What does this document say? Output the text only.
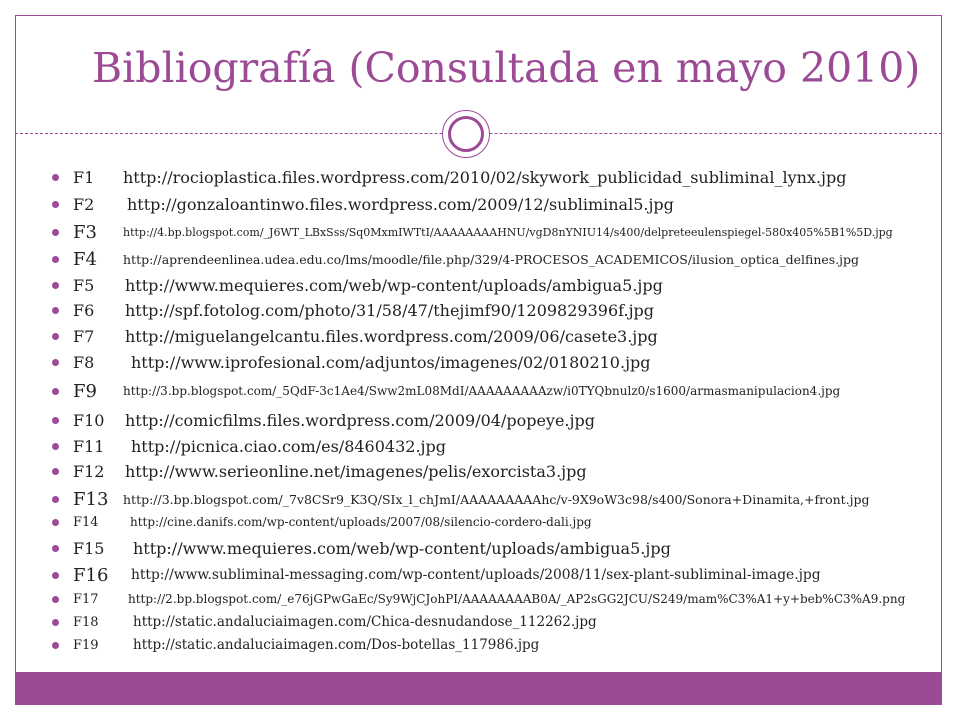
Bibliografía (Consultada en mayo 2010)
F1	http://rocioplastica.files.wordpress.com/2010/02/skywork_publicidad_subliminal_lynx.jpg
F2	http://gonzaloantinwo.files.wordpress.com/2009/12/subliminal5.jpg
F3	http://4.bp.blogspot.com/_J6WT_LBxSss/Sq0MxmIWTtI/AAAAAAAAHNU/vgD8nYNIU14/s400/delpreteeulenspiegel-580x405%5B1%5D.jpg
F4	http://aprendeenlinea.udea.edu.co/lms/moodle/file.php/329/4-PROCESOS_ACADEMICOS/ilusion_optica_delfines.jpg
F5	http://www.mequieres.com/web/wp-content/uploads/ambigua5.jpg
F6	http://spf.fotolog.com/photo/31/58/47/thejimf90/1209829396f.jpg
F7	http://miguelangelcantu.files.wordpress.com/2009/06/casete3.jpg
F8	http://www.iprofesional.com/adjuntos/imagenes/02/0180210.jpg
F9	http://3.bp.blogspot.com/_5QdF-3c1Ae4/Sww2mL08MdI/AAAAAAAAAzw/i0TYQbnulz0/s1600/armasmanipulacion4.jpg
F10	http://comicfilms.files.wordpress.com/2009/04/popeye.jpg
F11	http://picnica.ciao.com/es/8460432.jpg
F12	http://www.serieonline.net/imagenes/pelis/exorcista3.jpg
F13	http://3.bp.blogspot.com/_7v8CSr9_K3Q/SIx_l_chJmI/AAAAAAAAAhc/v-9X9oW3c98/s400/Sonora+Dinamita,+front.jpg
F14	http://cine.danifs.com/wp-content/uploads/2007/08/silencio-cordero-dali.jpg
F15	http://www.mequieres.com/web/wp-content/uploads/ambigua5.jpg
F16	http://www.subliminal-messaging.com/wp-content/uploads/2008/11/sex-plant-subliminal-image.jpg
F17	http://2.bp.blogspot.com/_e76jGPwGaEc/Sy9WjCJohPI/AAAAAAAAB0A/_AP2sGG2JCU/S249/mam%C3%A1+y+beb%C3%A9.png
F18	http://static.andaluciaimagen.com/Chica-desnudandose_112262.jpg
F19	http://static.andaluciaimagen.com/Dos-botellas_117986.jpg
